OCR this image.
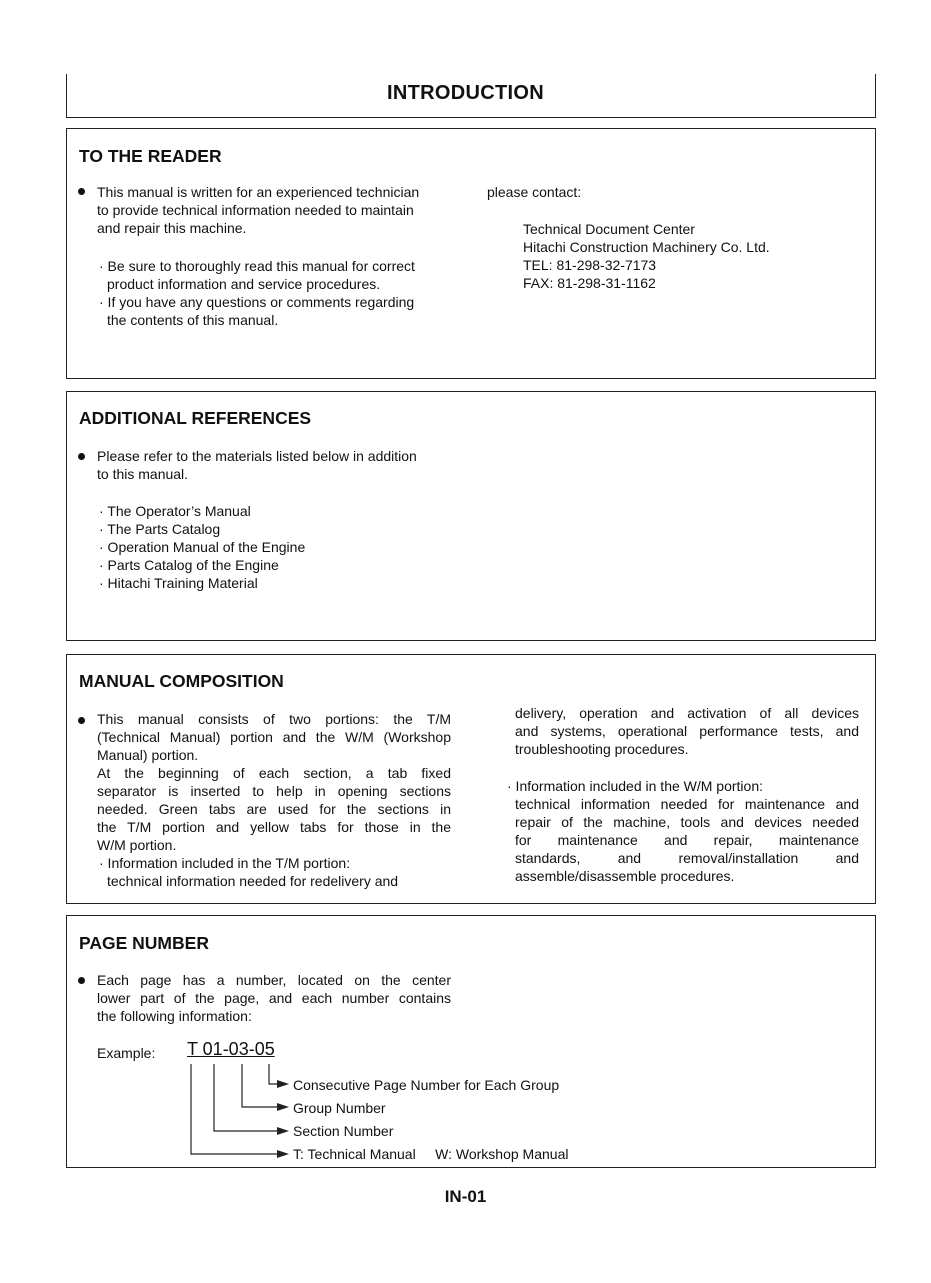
INTRODUCTION
TO THE READER
This manual is written for an experienced technician
to provide technical information needed to maintain
and repair this machine.
· Be sure to thoroughly read this manual for correct
product information and service procedures.
· If you have any questions or comments regarding
the contents of this manual.
please contact:
Technical Document Center
Hitachi Construction Machinery Co. Ltd.
TEL: 81-298-32-7173
FAX: 81-298-31-1162
ADDITIONAL REFERENCES
Please refer to the materials listed below in addition
to this manual.
· The Operator’s Manual
· The Parts Catalog
· Operation Manual of the Engine
· Parts Catalog of the Engine
· Hitachi Training Material
MANUAL COMPOSITION
This manual consists of two portions: the T/M
(Technical Manual) portion and the W/M (Workshop
Manual) portion.
At the beginning of each section, a tab fixed
separator is inserted to help in opening sections
needed. Green tabs are used for the sections in
the T/M portion and yellow tabs for those in the
W/M portion.
· Information included in the T/M portion:
technical information needed for redelivery and
delivery, operation and activation of all devices
and systems, operational performance tests, and
troubleshooting procedures.
· Information included in the W/M portion:
technical information needed for maintenance and
repair of the machine, tools and devices needed
for maintenance and repair, maintenance
standards, and removal/installation and
assemble/disassemble procedures.
PAGE NUMBER
Each page has a number, located on the center
lower part of the page, and each number contains
the following information:
Example: T 01-03-05
Consecutive Page Number for Each Group
Group Number
Section Number
T: Technical Manual     W: Workshop Manual
IN-01
